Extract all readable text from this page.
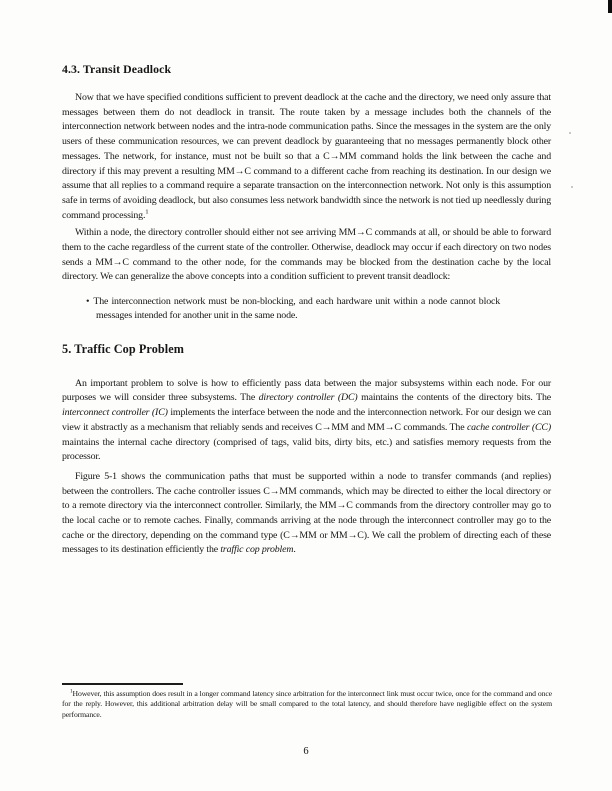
4.3. Transit Deadlock

Now that we have specified conditions sufficient to prevent deadlock at the cache and the directory, we need only assure that messages between them do not deadlock in transit. The route taken by a message includes both the channels of the interconnection network between nodes and the intra-node communication paths. Since the messages in the system are the only users of these communication resources, we can prevent deadlock by guaranteeing that no messages permanently block other messages. The network, for instance, must not be built so that a C→MM command holds the link between the cache and directory if this may prevent a resulting MM→C command to a different cache from reaching its destination. In our design we assume that all replies to a command require a separate transaction on the interconnection network. Not only is this assumption safe in terms of avoiding deadlock, but also consumes less network bandwidth since the network is not tied up needlessly during command processing.$^1$

Within a node, the directory controller should either not see arriving MM→C commands at all, or should be able to forward them to the cache regardless of the current state of the controller. Otherwise, deadlock may occur if each directory on two nodes sends a MM→C command to the other node, for the commands may be blocked from the destination cache by the local directory. We can generalize the above concepts into a condition sufficient to prevent transit deadlock:

• The interconnection network must be non-blocking, and each hardware unit within a node cannot block messages intended for another unit in the same node.
5. Traffic Cop Problem

An important problem to solve is how to efficiently pass data between the major subsystems within each node. For our purposes we will consider three subsystems. The directory controller (DC) maintains the contents of the directory bits. The interconnect controller (IC) implements the interface between the node and the interconnection network. For our design we can view it abstractly as a mechanism that reliably sends and receives C→MM and MM→C commands. The cache controller (CC) maintains the internal cache directory (comprised of tags, valid bits, dirty bits, etc.) and satisfies memory requests from the processor.

Figure 5-1 shows the communication paths that must be supported within a node to transfer commands (and replies) between the controllers. The cache controller issues C→MM commands, which may be directed to either the local directory or to a remote directory via the interconnect controller. Similarly, the MM→C commands from the directory controller may go to the local cache or to remote caches. Finally, commands arriving at the node through the interconnect controller may go to the cache or the directory, depending on the command type (C→MM or MM→C). We call the problem of directing each of these messages to its destination efficiently the traffic cop problem.

$^1$However, this assumption does result in a longer command latency since arbitration for the interconnect link must occur twice, once for the command and once for the reply. However, this additional arbitration delay will be small compared to the total latency, and should therefore have negligible effect on the system performance.

6
